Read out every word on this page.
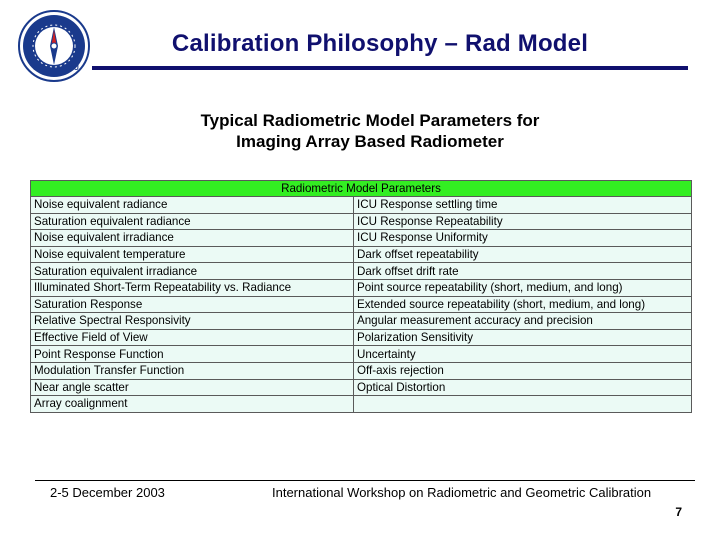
SDL USU
Calibration Philosophy – Rad Model
Typical Radiometric Model Parameters for
Imaging Array Based Radiometer
Radiometric Model Parameters	
Noise equivalent radiance	ICU Response settling time
Saturation equivalent radiance	ICU Response Repeatability
Noise equivalent irradiance	ICU Response Uniformity
Noise equivalent temperature	Dark offset repeatability
Saturation equivalent irradiance	Dark offset drift rate
Illuminated Short-Term Repeatability vs. Radiance	Point source repeatability (short, medium, and long)
Saturation Response	Extended source repeatability (short, medium, and long)
Relative Spectral Responsivity	Angular measurement accuracy and precision
Effective Field of View	Polarization Sensitivity
Point Response Function	Uncertainty
Modulation Transfer Function	Off-axis rejection
Near angle scatter	Optical Distortion
Array coalignment	
2-5 December 2003	International Workshop on Radiometric and Geometric Calibration
7
